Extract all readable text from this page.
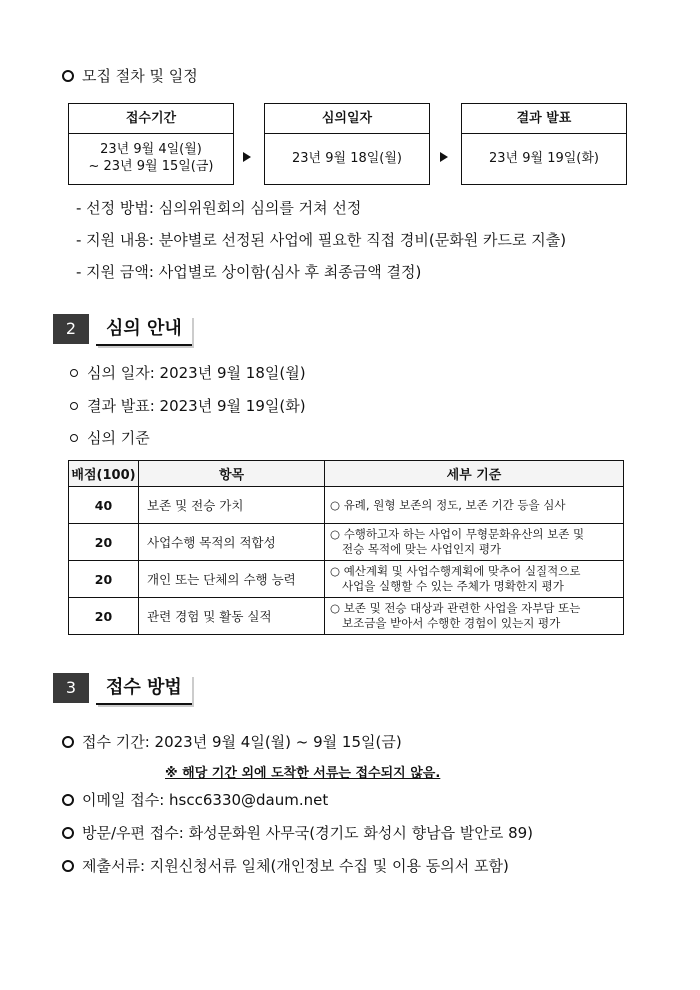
모집 절차 및 일정
접수기간
23년 9월 4일(월)
~ 23년 9월 15일(금)
심의일자
23년 9월 18일(월)
결과 발표
23년 9월 19일(화)
- 선정 방법: 심의위원회의 심의를 거쳐 선정
- 지원 내용: 분야별로 선정된 사업에 필요한 직접 경비(문화원 카드로 지출)
- 지원 금액: 사업별로 상이함(심사 후 최종금액 결정)
2	심의 안내
심의 일자: 2023년 9월 18일(월)
결과 발표: 2023년 9월 19일(화)
심의 기준
배점(100)	항목	세부 기준
40	보존 및 전승 가치	○ 유례, 원형 보존의 정도, 보존 기간 등을 심사

20	사업수행 목적의 적합성	○ 수행하고자 하는 사업이 무형문화유산의 보존 및
전승 목적에 맞는 사업인지 평가

20	개인 또는 단체의 수행 능력	○ 예산계획 및 사업수행계획에 맞추어 실질적으로
사업을 실행할 수 있는 주체가 명확한지 평가

20	관련 경험 및 활동 실적	○ 보존 및 전승 대상과 관련한 사업을 자부담 또는
보조금을 받아서 수행한 경험이 있는지 평가
3	접수 방법
접수 기간: 2023년 9월 4일(월) ~ 9월 15일(금)
※ 해당 기간 외에 도착한 서류는 접수되지 않음.
이메일 접수: hscc6330@daum.net
방문/우편 접수: 화성문화원 사무국(경기도 화성시 향남읍 발안로 89)
제출서류: 지원신청서류 일체(개인정보 수집 및 이용 동의서 포함)
